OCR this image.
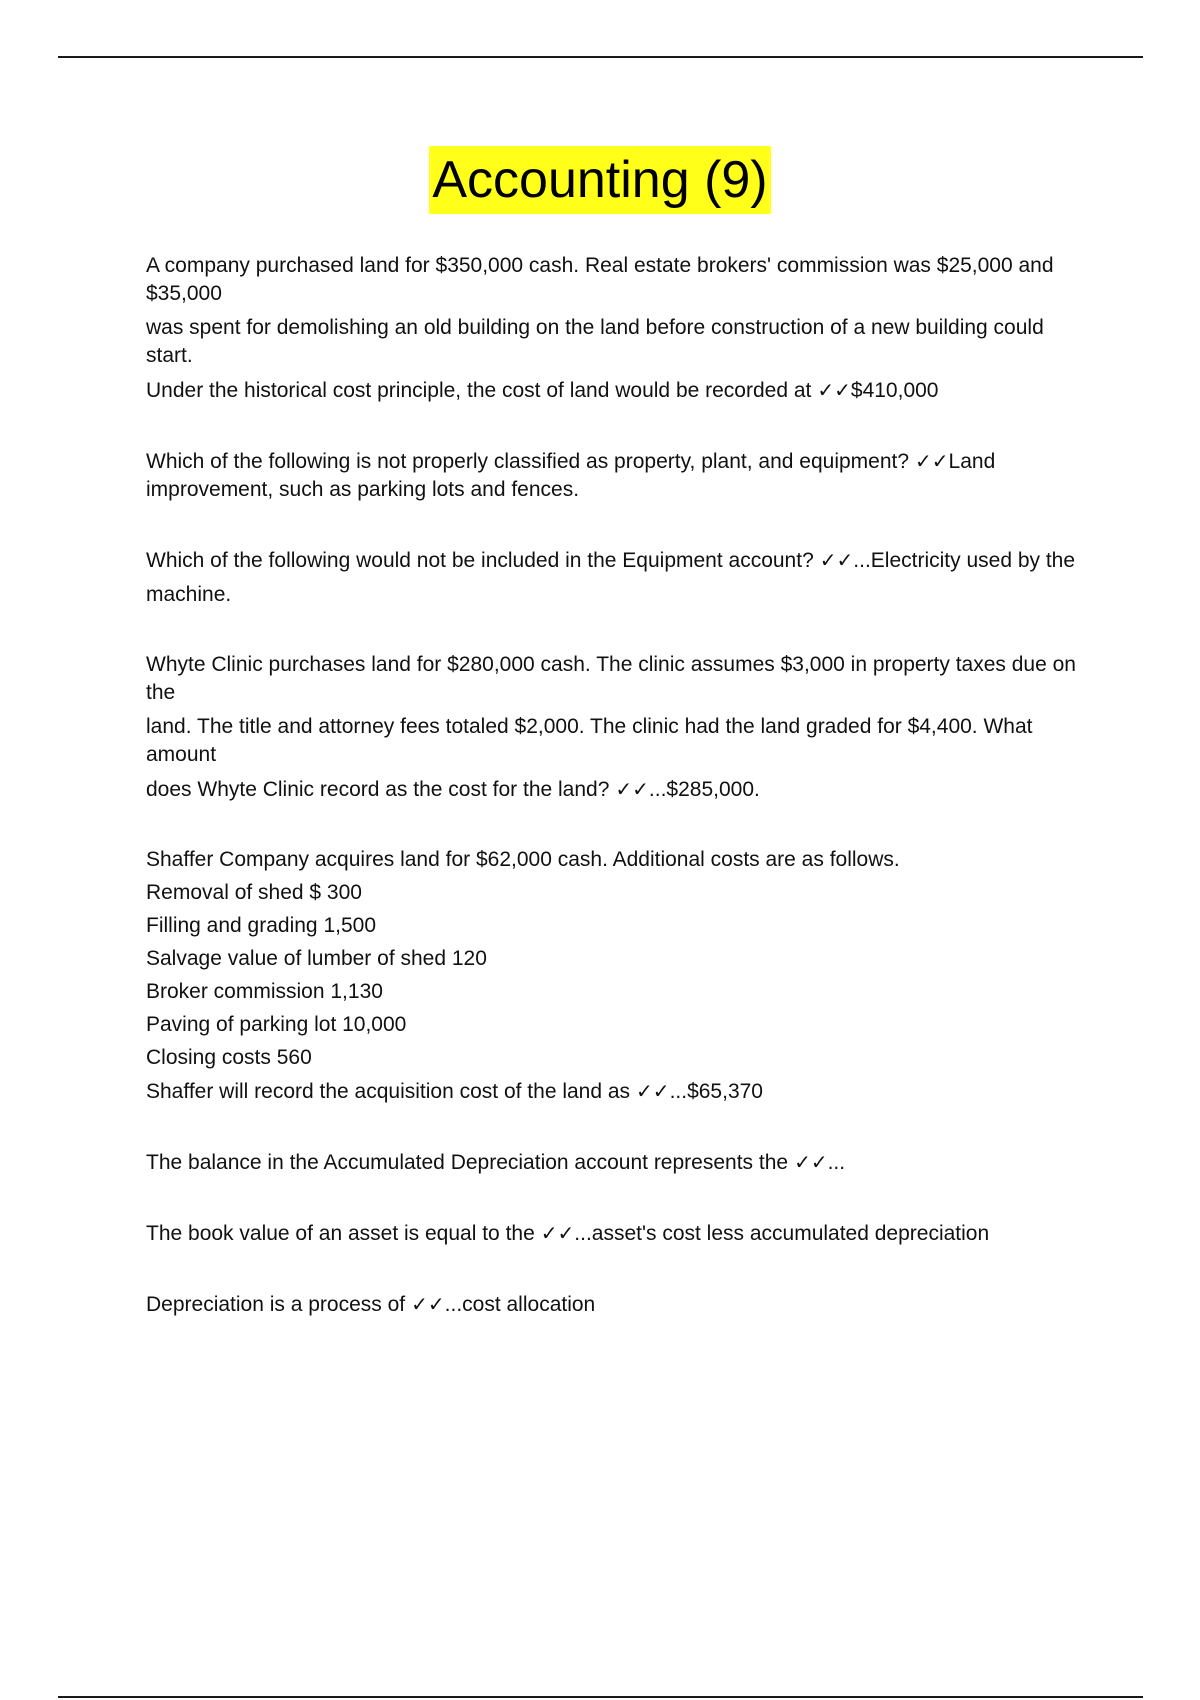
Accounting (9)
A company purchased land for $350,000 cash. Real estate brokers' commission was $25,000 and $35,000
was spent for demolishing an old building on the land before construction of a new building could start.
Under the historical cost principle, the cost of land would be recorded at ✓✓$410,000
Which of the following is not properly classified as property, plant, and equipment? ✓✓Land improvement, such as parking lots and fences.
Which of the following would not be included in the Equipment account? ✓✓...Electricity used by the
machine.
Whyte Clinic purchases land for $280,000 cash. The clinic assumes $3,000 in property taxes due on the
land. The title and attorney fees totaled $2,000. The clinic had the land graded for $4,400. What amount
does Whyte Clinic record as the cost for the land? ✓✓...$285,000.
Shaffer Company acquires land for $62,000 cash. Additional costs are as follows.
Removal of shed $ 300
Filling and grading 1,500
Salvage value of lumber of shed 120
Broker commission 1,130
Paving of parking lot 10,000
Closing costs 560
Shaffer will record the acquisition cost of the land as ✓✓...$65,370
The balance in the Accumulated Depreciation account represents the ✓✓...
The book value of an asset is equal to the ✓✓...asset's cost less accumulated depreciation
Depreciation is a process of ✓✓...cost allocation
